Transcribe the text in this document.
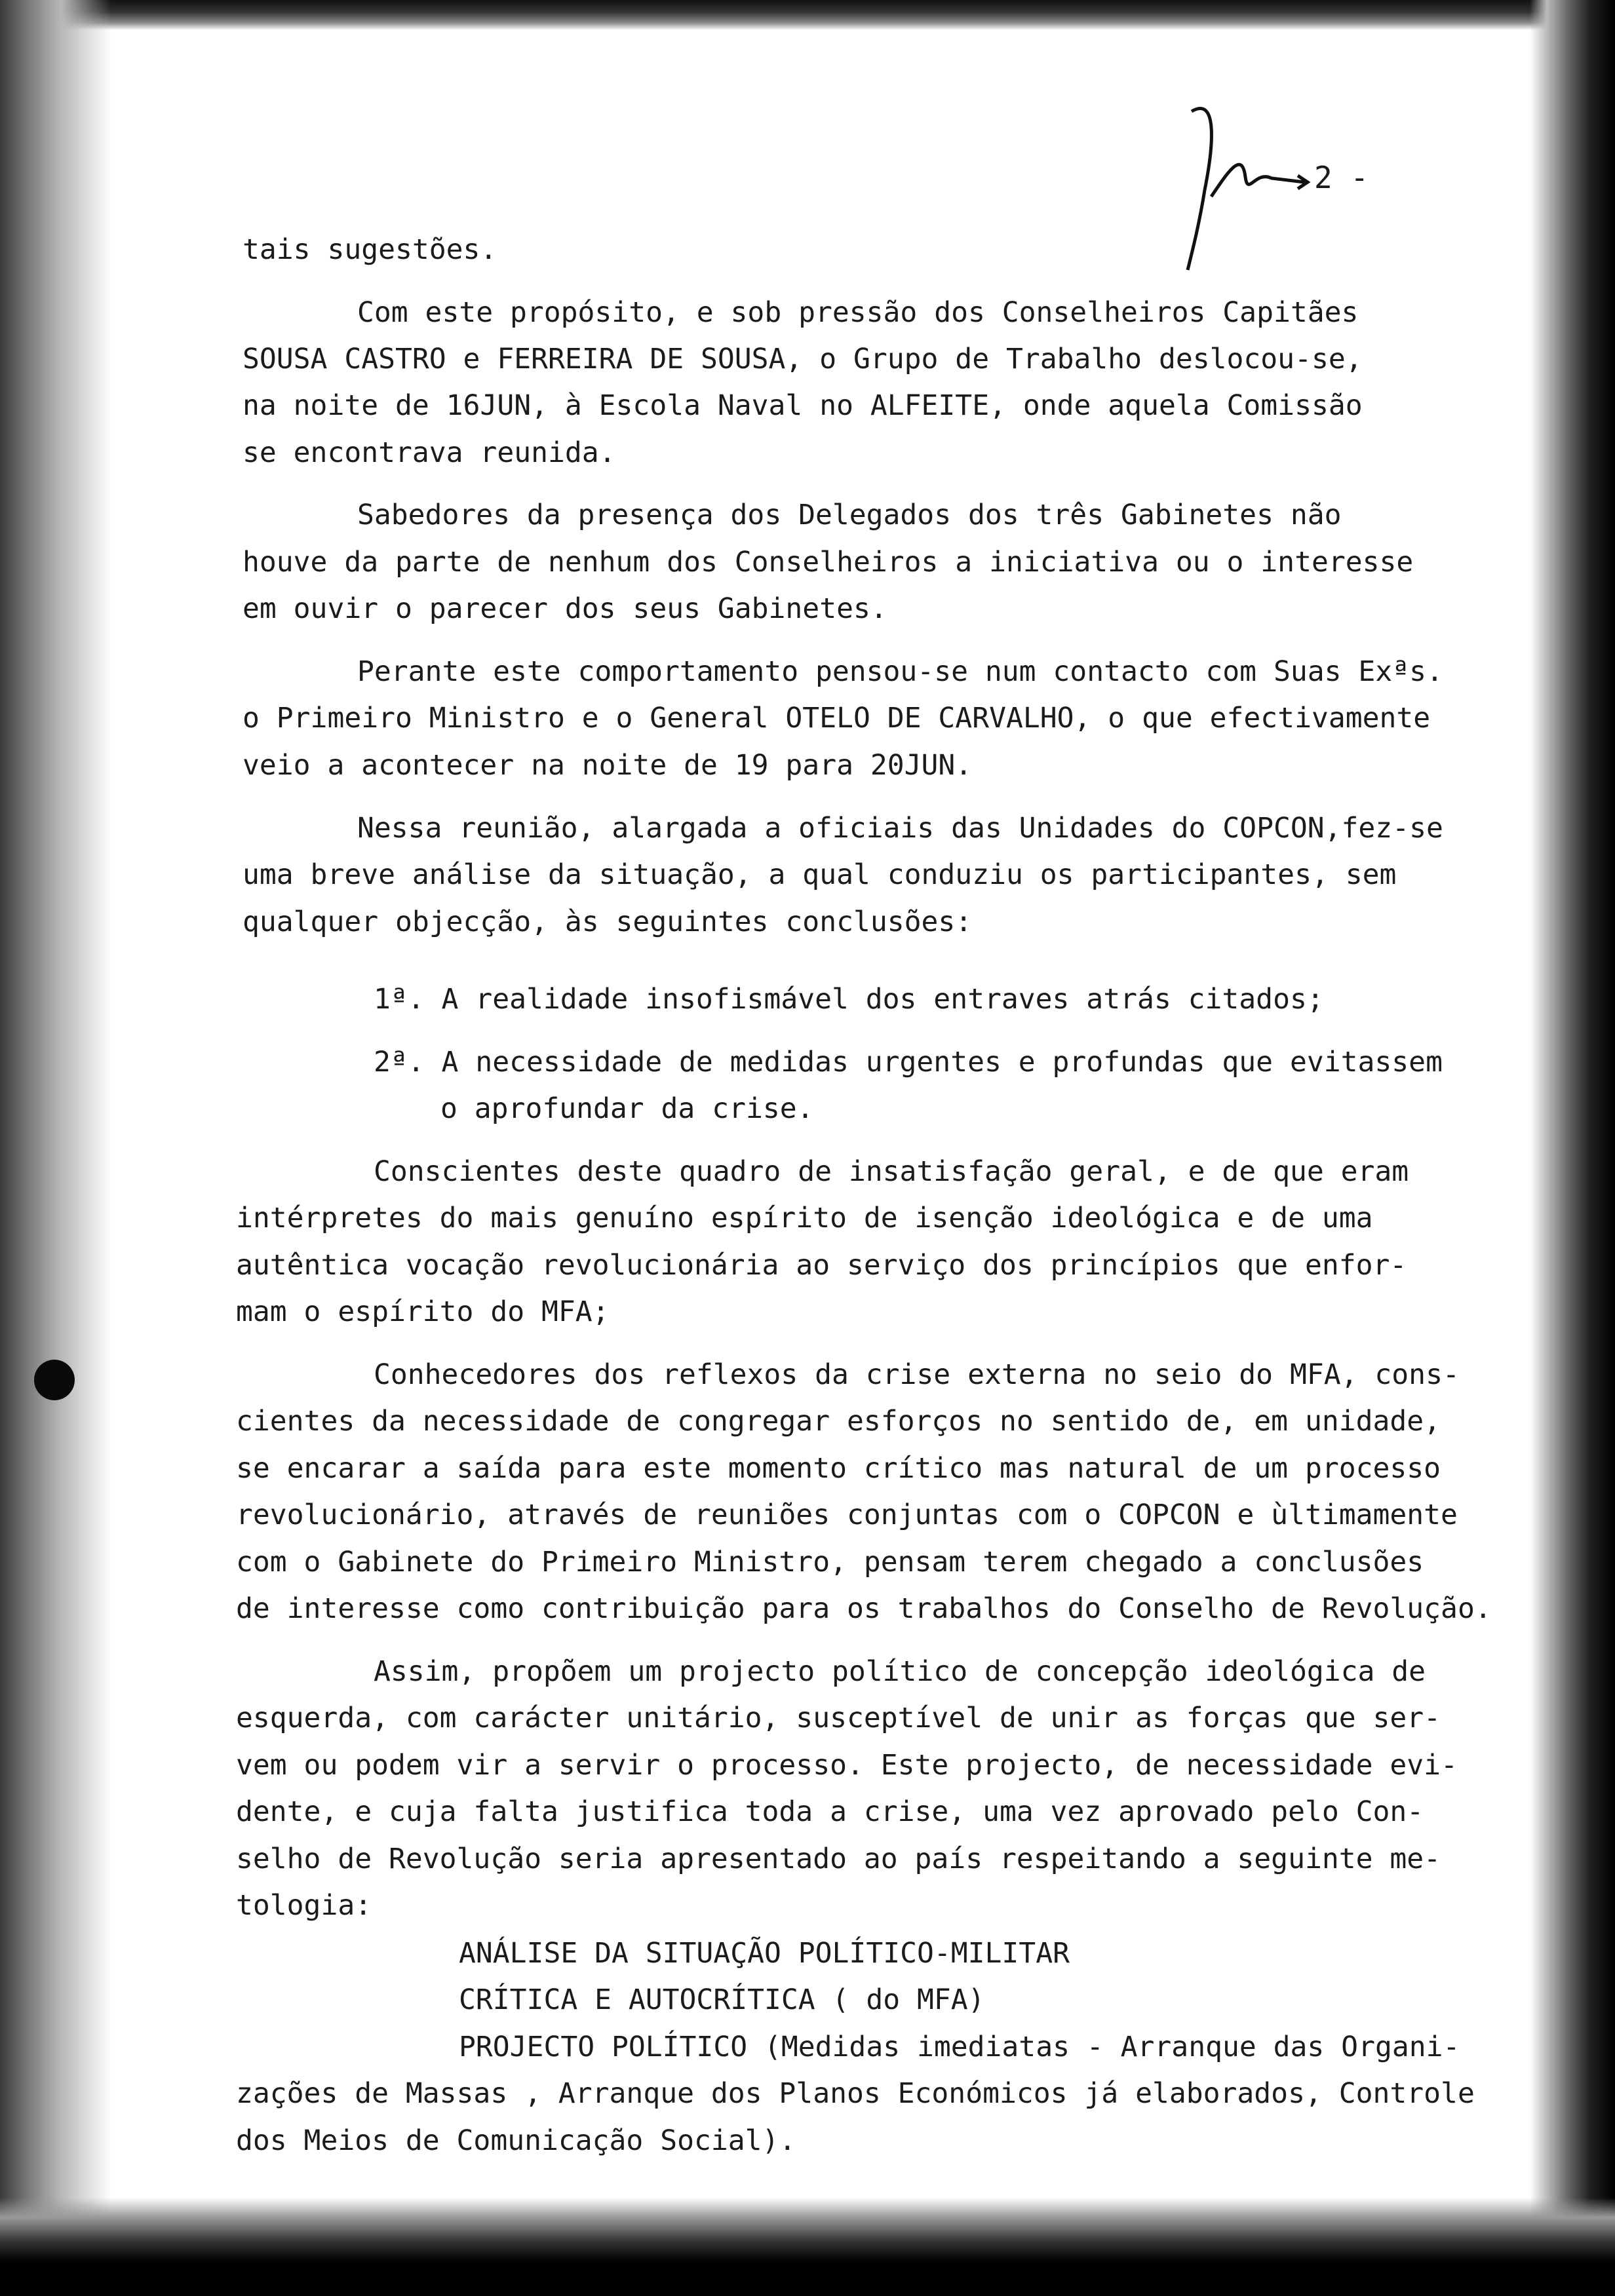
2 -
tais sugestões.
Com este propósito, e sob pressão dos Conselheiros Capitães
SOUSA CASTRO e FERREIRA DE SOUSA, o Grupo de Trabalho deslocou-se,
na noite de 16JUN, à Escola Naval no ALFEITE, onde aquela Comissão
se encontrava reunida.
Sabedores da presença dos Delegados dos três Gabinetes não
houve da parte de nenhum dos Conselheiros a iniciativa ou o interesse
em ouvir o parecer dos seus Gabinetes.
Perante este comportamento pensou-se num contacto com Suas Exªs.
o Primeiro Ministro e o General OTELO DE CARVALHO, o que efectivamente
veio a acontecer na noite de 19 para 20JUN.
Nessa reunião, alargada a oficiais das Unidades do COPCON,fez-se
uma breve análise da situação, a qual conduziu os participantes, sem
qualquer objecção, às seguintes conclusões:
1ª. A realidade insofismável dos entraves atrás citados;
2ª. A necessidade de medidas urgentes e profundas que evitassem
o aprofundar da crise.
Conscientes deste quadro de insatisfação geral, e de que eram
intérpretes do mais genuíno espírito de isenção ideológica e de uma
autêntica vocação revolucionária ao serviço dos princípios que enfor-
mam o espírito do MFA;
Conhecedores dos reflexos da crise externa no seio do MFA, cons-
cientes da necessidade de congregar esforços no sentido de, em unidade,
se encarar a saída para este momento crítico mas natural de um processo
revolucionário, através de reuniões conjuntas com o COPCON e ùltimamente
com o Gabinete do Primeiro Ministro, pensam terem chegado a conclusões
de interesse como contribuição para os trabalhos do Conselho de Revolução.
Assim, propõem um projecto político de concepção ideológica de
esquerda, com carácter unitário, susceptível de unir as forças que ser-
vem ou podem vir a servir o processo. Este projecto, de necessidade evi-
dente, e cuja falta justifica toda a crise, uma vez aprovado pelo Con-
selho de Revolução seria apresentado ao país respeitando a seguinte me-
tologia:
ANÁLISE DA SITUAÇÃO POLÍTICO-MILITAR
CRÍTICA E AUTOCRÍTICA ( do MFA)
PROJECTO POLÍTICO (Medidas imediatas - Arranque das Organi-
zações de Massas , Arranque dos Planos Económicos já elaborados, Controle
dos Meios de Comunicação Social).
